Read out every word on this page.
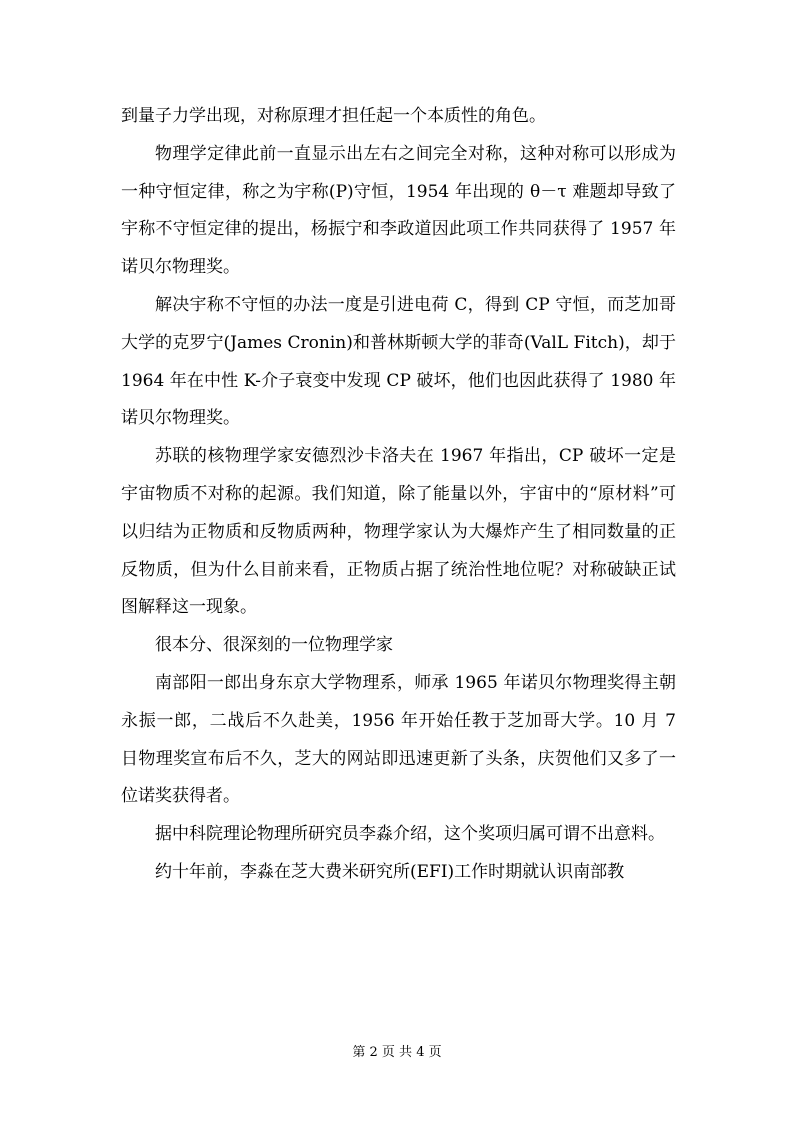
到量子力学出现，对称原理才担任起一个本质性的角色。

物理学定律此前一直显示出左右之间完全对称，这种对称可以形成为一种守恒定律，称之为宇称(P)守恒，1954 年出现的 θ－τ 难题却导致了宇称不守恒定律的提出，杨振宁和李政道因此项工作共同获得了 1957 年诺贝尔物理奖。

解决宇称不守恒的办法一度是引进电荷 C，得到 CP 守恒，而芝加哥大学的克罗宁(James Cronin)和普林斯顿大学的菲奇(ValL Fitch)，却于 1964 年在中性 K-介子衰变中发现 CP 破坏，他们也因此获得了 1980 年诺贝尔物理奖。

苏联的核物理学家安德烈沙卡洛夫在 1967 年指出，CP 破坏一定是宇宙物质不对称的起源。我们知道，除了能量以外，宇宙中的“原材料”可以归结为正物质和反物质两种，物理学家认为大爆炸产生了相同数量的正反物质，但为什么目前来看，正物质占据了统治性地位呢？对称破缺正试图解释这一现象。

很本分、很深刻的一位物理学家

南部阳一郎出身东京大学物理系，师承 1965 年诺贝尔物理奖得主朝永振一郎，二战后不久赴美，1956 年开始任教于芝加哥大学。10 月 7 日物理奖宣布后不久，芝大的网站即迅速更新了头条，庆贺他们又多了一位诺奖获得者。

据中科院理论物理所研究员李淼介绍，这个奖项归属可谓不出意料。

约十年前，李淼在芝大费米研究所(EFI)工作时期就认识南部教

第 2 页 共 4 页
